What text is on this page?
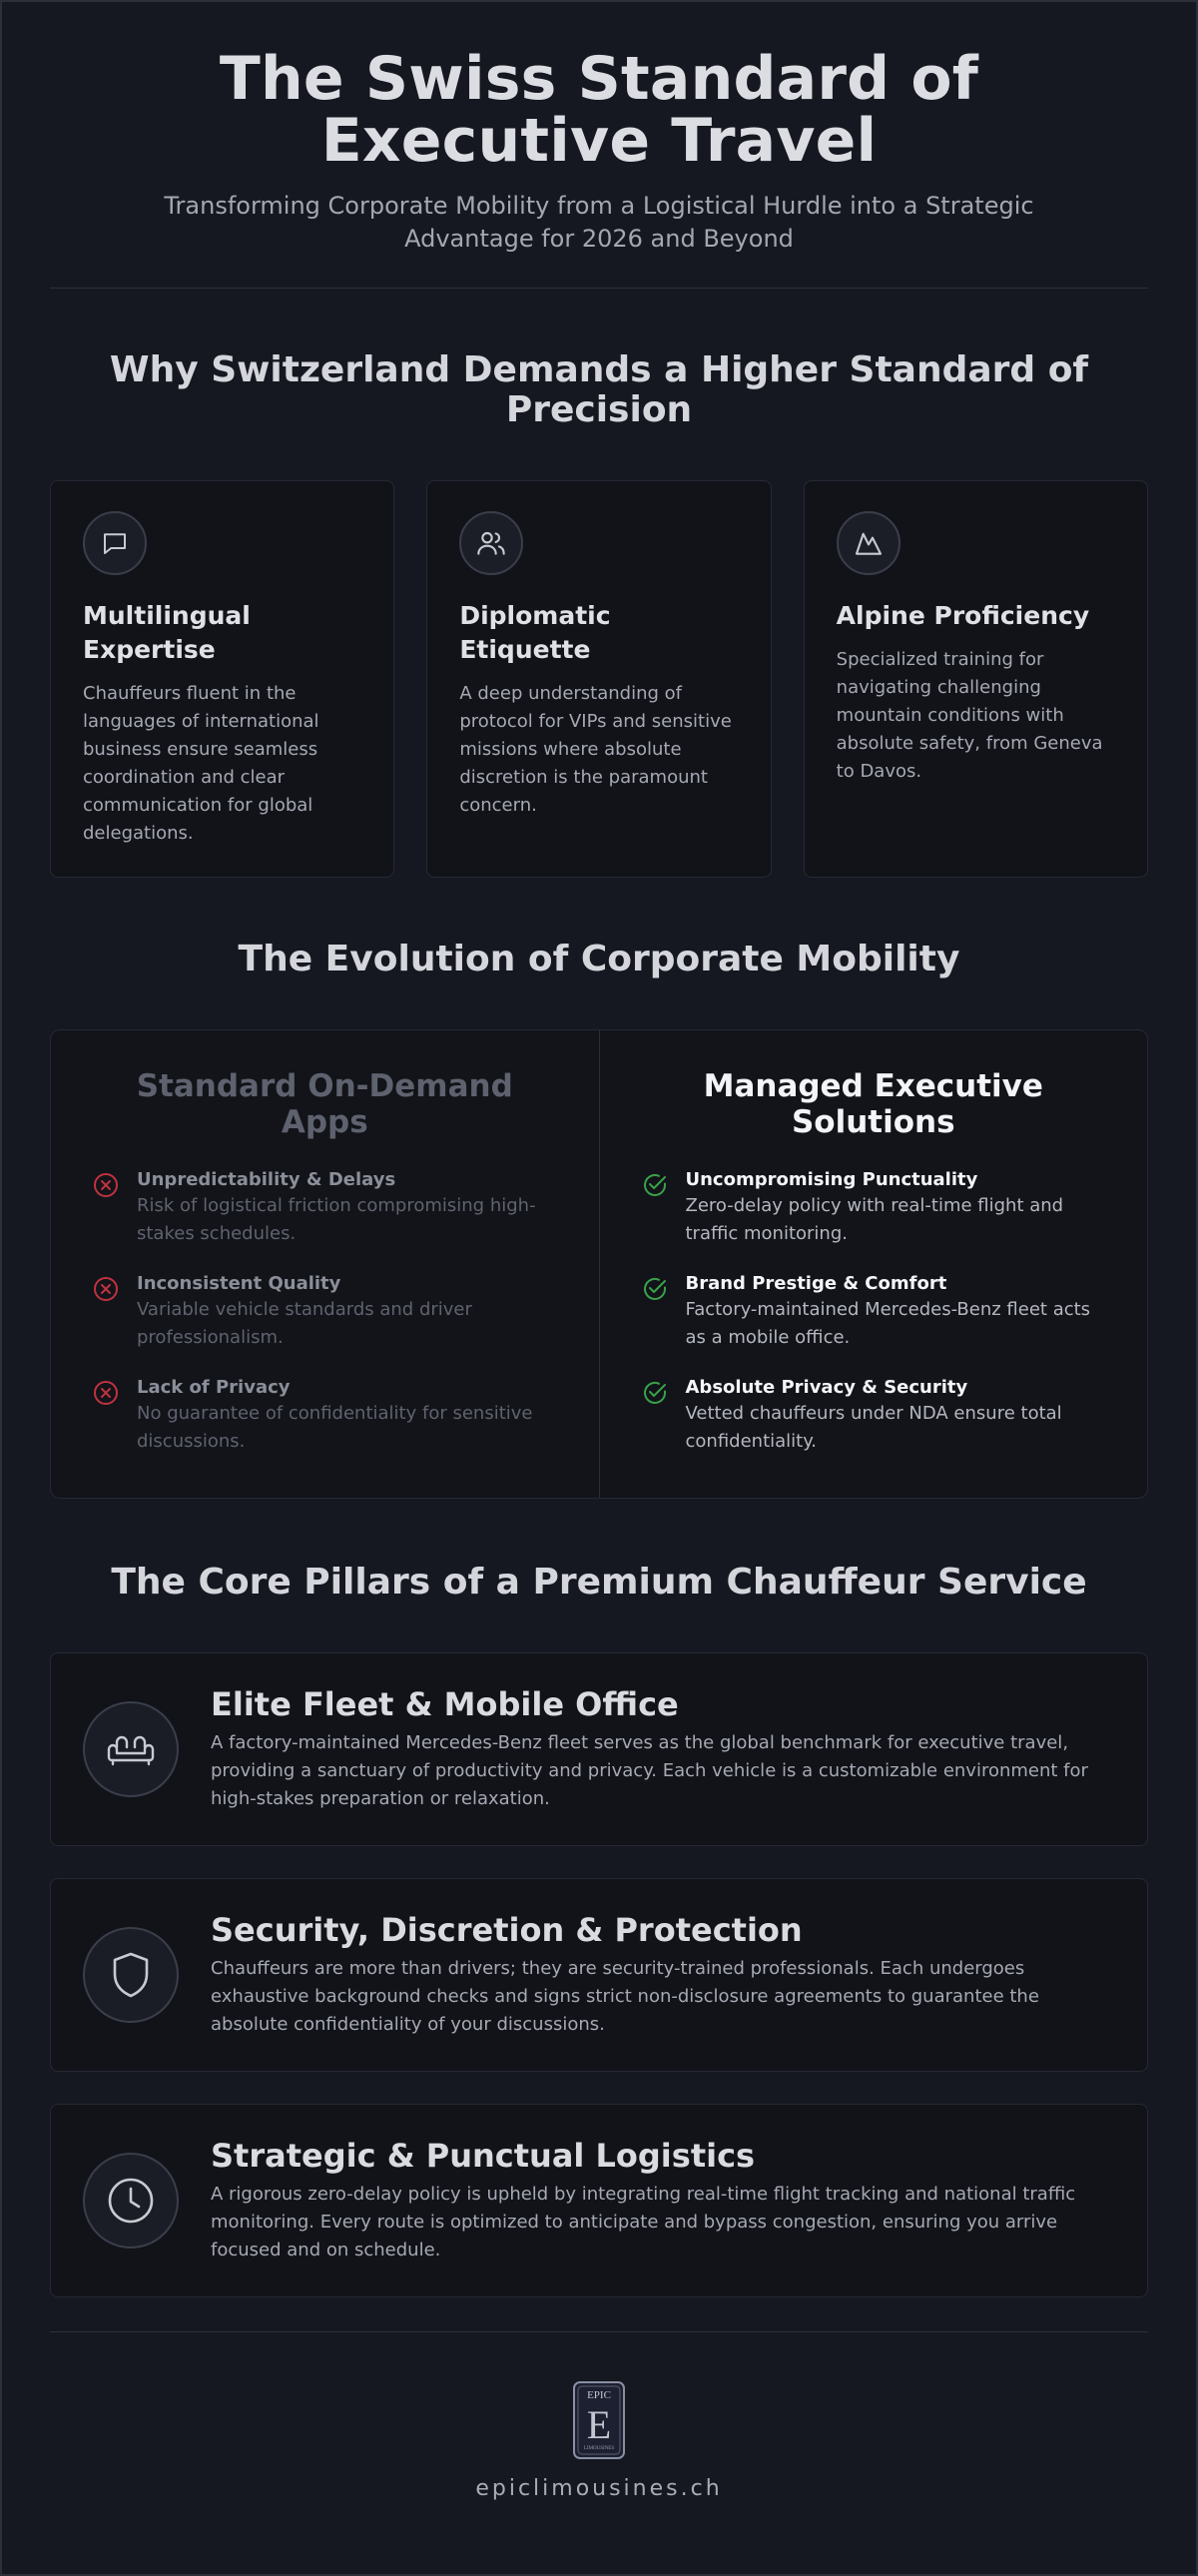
The Swiss Standard of Executive Travel

Transforming Corporate Mobility from a Logistical Hurdle into a Strategic Advantage for 2026 and Beyond

Why Switzerland Demands a Higher Standard of Precision
Multilingual Expertise

Chauffeurs fluent in the languages of international business ensure seamless coordination and clear communication for global delegations.

Diplomatic Etiquette

A deep understanding of protocol for VIPs and sensitive missions where absolute discretion is the paramount concern.

Alpine Proficiency

Specialized training for navigating challenging mountain conditions with absolute safety, from Geneva to Davos.

The Evolution of Corporate Mobility
Standard On-Demand Apps
Unpredictability & Delays
Risk of logistical friction compromising high-stakes schedules.
Inconsistent Quality
Variable vehicle standards and driver professionalism.
Lack of Privacy
No guarantee of confidentiality for sensitive discussions.
Managed Executive Solutions
Uncompromising Punctuality
Zero-delay policy with real-time flight and traffic monitoring.
Brand Prestige & Comfort
Factory-maintained Mercedes-Benz fleet acts as a mobile office.
Absolute Privacy & Security
Vetted chauffeurs under NDA ensure total confidentiality.
The Core Pillars of a Premium Chauffeur Service
Elite Fleet & Mobile Office

A factory-maintained Mercedes-Benz fleet serves as the global benchmark for executive travel, providing a sanctuary of productivity and privacy. Each vehicle is a customizable environment for high-stakes preparation or relaxation.

Security, Discretion & Protection

Chauffeurs are more than drivers; they are security-trained professionals. Each undergoes exhaustive background checks and signs strict non-disclosure agreements to guarantee the absolute confidentiality of your discussions.

Strategic & Punctual Logistics

A rigorous zero-delay policy is upheld by integrating real-time flight tracking and national traffic monitoring. Every route is optimized to anticipate and bypass congestion, ensuring you arrive focused and on schedule.

EPIC
E
LIMOUSINES
epiclimousines.ch
